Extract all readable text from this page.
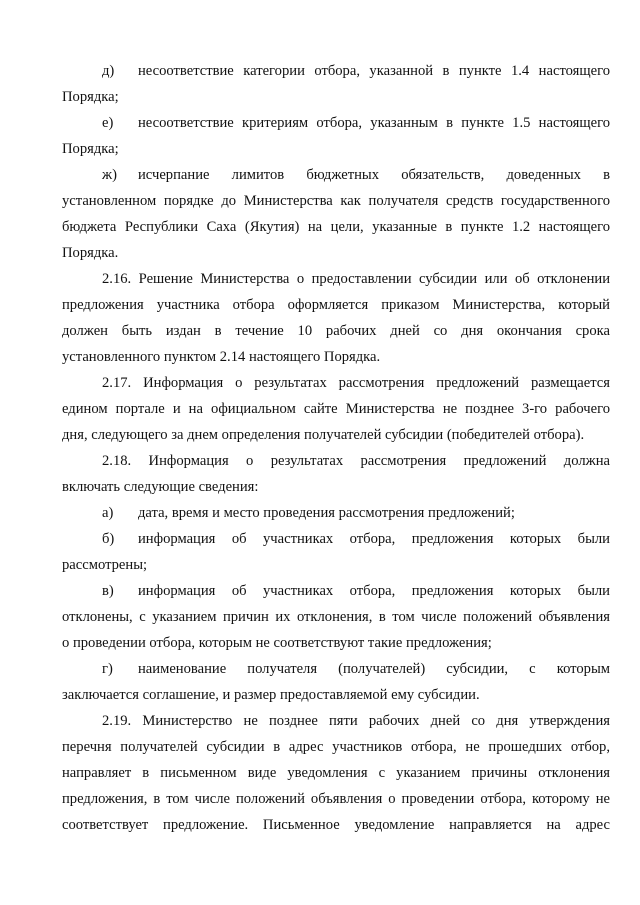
д) несоответствие категории отбора, указанной в пункте 1.4 настоящего
Порядка;
е) несоответствие критериям отбора, указанным в пункте 1.5 настоящего
Порядка;
ж) исчерпание лимитов бюджетных обязательств, доведенных в
установленном порядке до Министерства как получателя средств государственного
бюджета Республики Саха (Якутия) на цели, указанные в пункте 1.2 настоящего
Порядка.
2.16. Решение Министерства о предоставлении субсидии или об отклонении
предложения участника отбора оформляется приказом Министерства, который
должен быть издан в течение 10 рабочих дней со дня окончания срока
установленного пунктом 2.14 настоящего Порядка.
2.17. Информация о результатах рассмотрения предложений размещается
едином портале и на официальном сайте Министерства не позднее 3-го рабочего
дня, следующего за днем определения получателей субсидии (победителей отбора).
2.18. Информация о результатах рассмотрения предложений должна
включать следующие сведения:
а) дата, время и место проведения рассмотрения предложений;
б) информация об участниках отбора, предложения которых были
рассмотрены;
в) информация об участниках отбора, предложения которых были
отклонены, с указанием причин их отклонения, в том числе положений объявления
о проведении отбора, которым не соответствуют такие предложения;
г) наименование получателя (получателей) субсидии, с которым
заключается соглашение, и размер предоставляемой ему субсидии.
2.19. Министерство не позднее пяти рабочих дней со дня утверждения
перечня получателей субсидии в адрес участников отбора, не прошедших отбор,
направляет в письменном виде уведомления с указанием причины отклонения
предложения, в том числе положений объявления о проведении отбора, которому не
соответствует предложение. Письменное уведомление направляется на адрес
